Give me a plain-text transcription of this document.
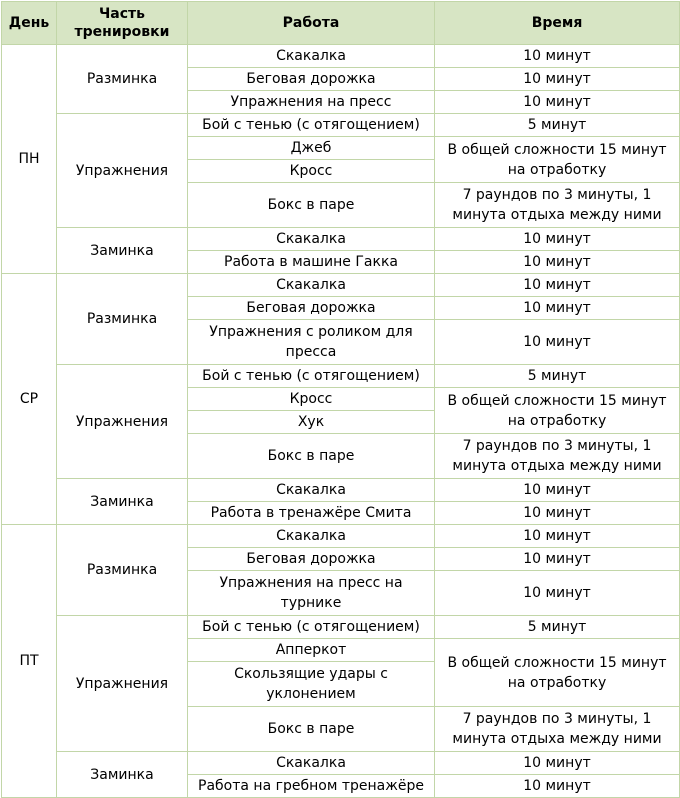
День	Часть тренировки	Работа	Время
ПН	Разминка	Скакалка	10 минут
		Беговая дорожка	10 минут
		Упражнения на пресс	10 минут
	Упражнения	Бой с тенью (с отягощением)	5 минут
		Джеб	В общей сложности 15 минут на отработку
		Кросс	
		Бокс в паре	7 раундов по 3 минуты, 1 минута отдыха между ними
	Заминка	Скакалка	10 минут
		Работа в машине Гакка	10 минут
СР	Разминка	Скакалка	10 минут
		Беговая дорожка	10 минут
		Упражнения с роликом для пресса	10 минут
	Упражнения	Бой с тенью (с отягощением)	5 минут
		Кросс	В общей сложности 15 минут на отработку
		Хук	
		Бокс в паре	7 раундов по 3 минуты, 1 минута отдыха между ними
	Заминка	Скакалка	10 минут
		Работа в тренажёре Смита	10 минут
ПТ	Разминка	Скакалка	10 минут
		Беговая дорожка	10 минут
		Упражнения на пресс на турнике	10 минут
	Упражнения	Бой с тенью (с отягощением)	5 минут
		Апперкот	В общей сложности 15 минут на отработку
		Скользящие удары с уклонением	
		Бокс в паре	7 раундов по 3 минуты, 1 минута отдыха между ними
	Заминка	Скакалка	10 минут
		Работа на гребном тренажёре	10 минут
